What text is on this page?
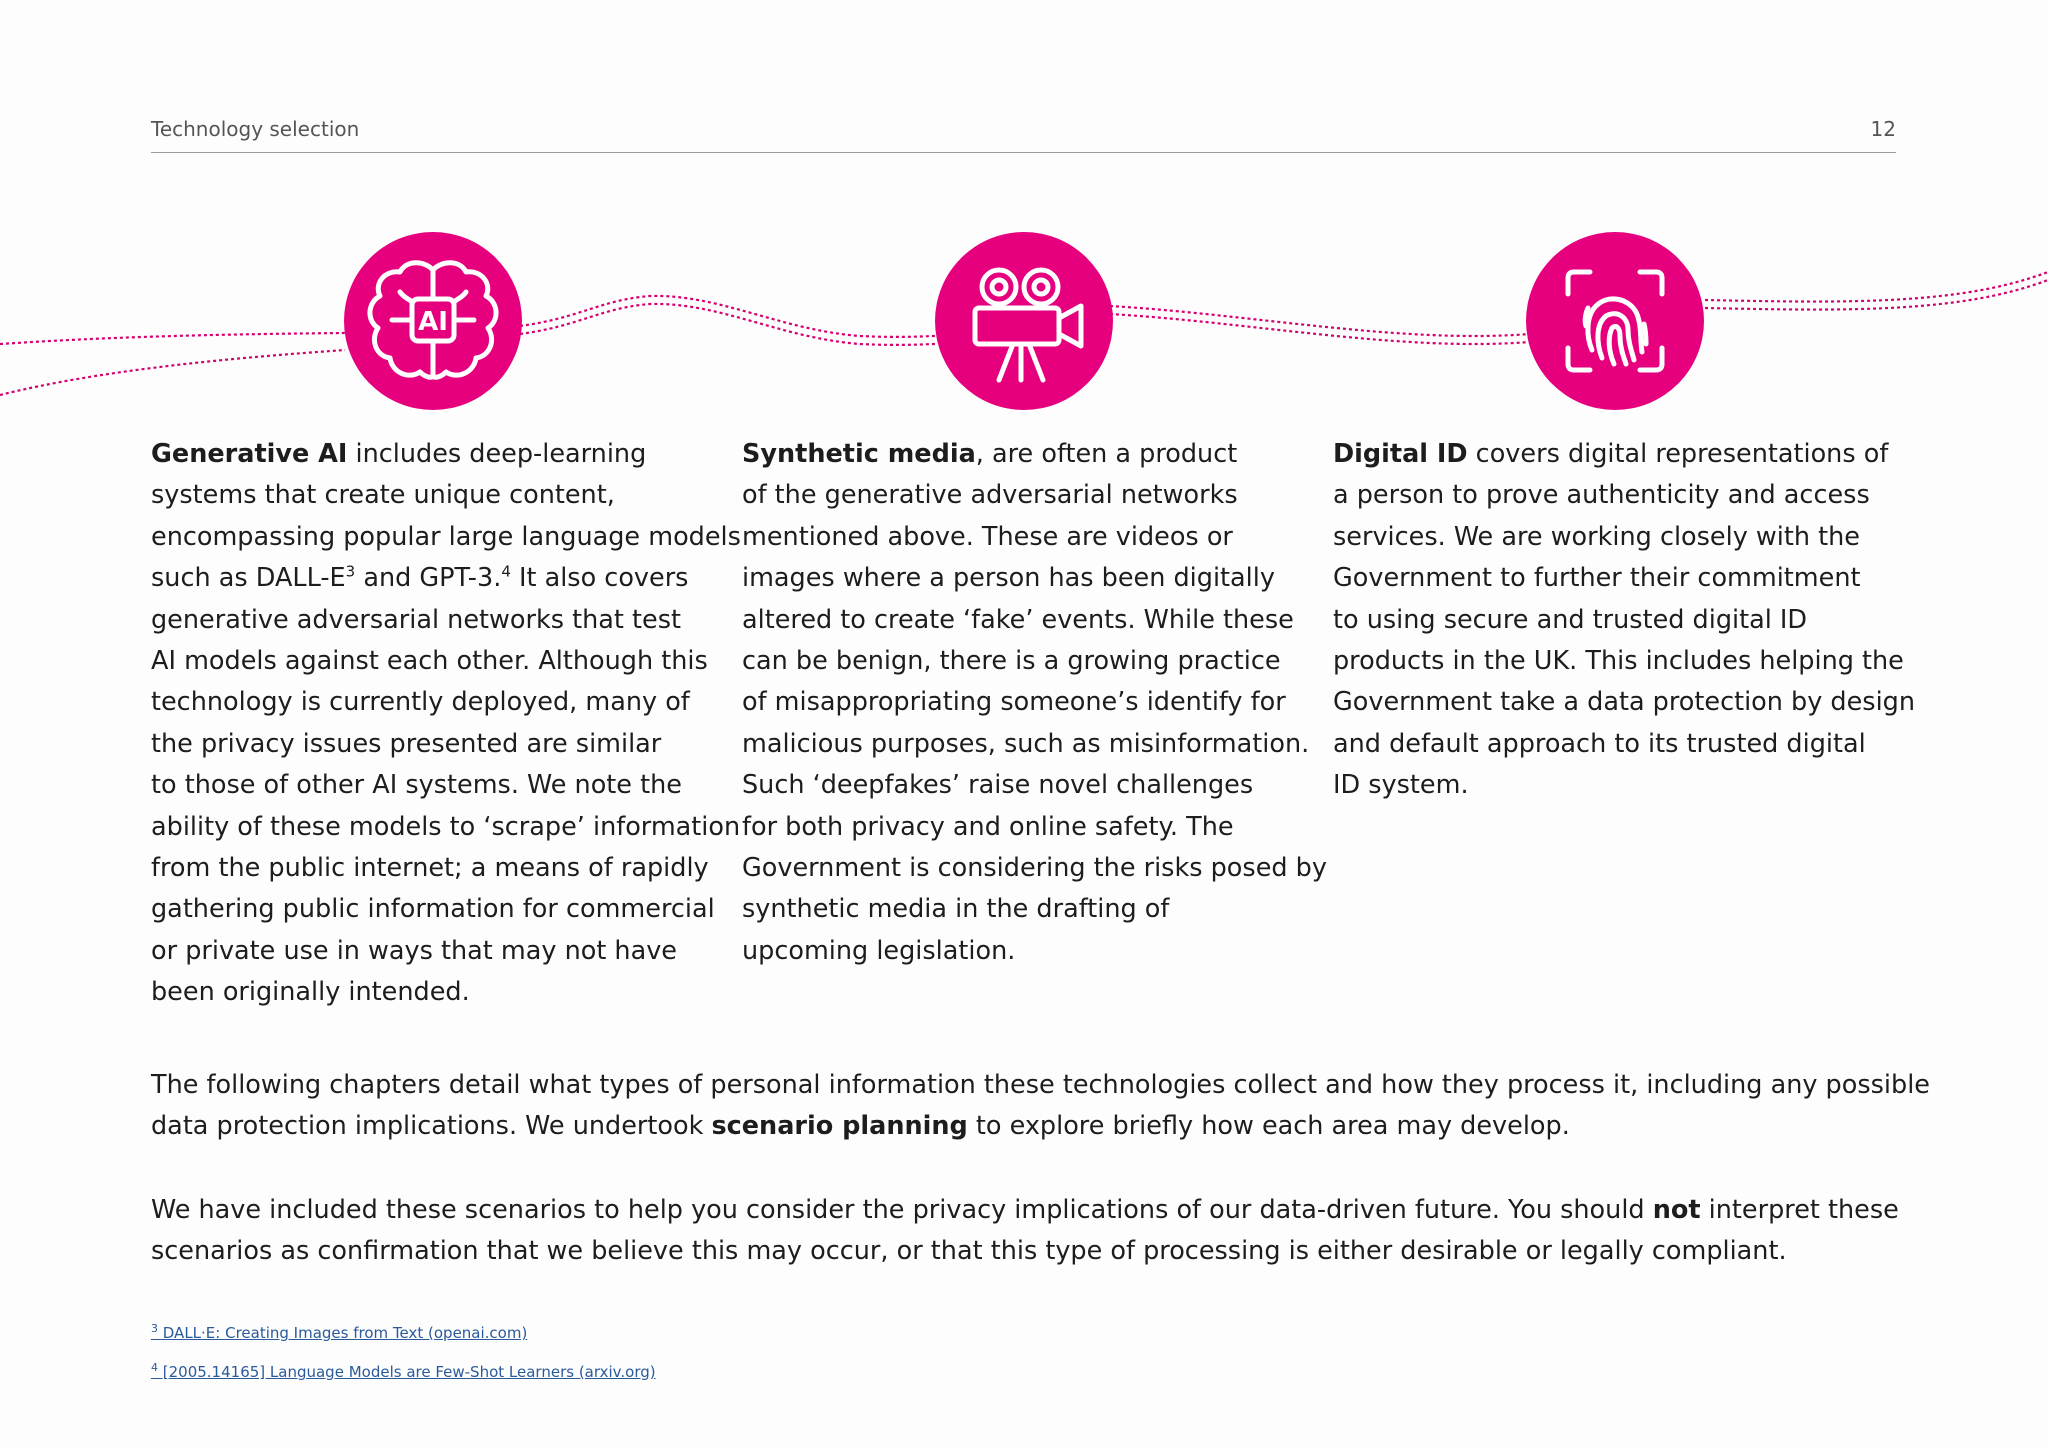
Technology selection	12
AI
Generative AI includes deep-learning
systems that create unique content,
encompassing popular large language models
such as DALL-$E^3$ and GPT-3.$^4$ It also covers
generative adversarial networks that test
AI models against each other. Although this
technology is currently deployed, many of
the privacy issues presented are similar
to those of other AI systems. We note the
ability of these models to ‘scrape’ information
from the public internet; a means of rapidly
gathering public information for commercial
or private use in ways that may not have
been originally intended.
Synthetic media, are often a product
of the generative adversarial networks
mentioned above. These are videos or
images where a person has been digitally
altered to create ‘fake’ events. While these
can be benign, there is a growing practice
of misappropriating someone’s identify for
malicious purposes, such as misinformation.
Such ‘deepfakes’ raise novel challenges
for both privacy and online safety. The
Government is considering the risks posed by
synthetic media in the drafting of
upcoming legislation.
Digital ID covers digital representations of
a person to prove authenticity and access
services. We are working closely with the
Government to further their commitment
to using secure and trusted digital ID
products in the UK. This includes helping the
Government take a data protection by design
and default approach to its trusted digital
ID system.
The following chapters detail what types of personal information these technologies collect and how they process it, including any possible
data protection implications. We undertook scenario planning to explore briefly how each area may develop.
We have included these scenarios to help you consider the privacy implications of our data-driven future. You should not interpret these
scenarios as confirmation that we believe this may occur, or that this type of processing is either desirable or legally compliant.
$^3$ DALL·E: Creating Images from Text (openai.com)
$^4$ [2005.14165] Language Models are Few-Shot Learners (arxiv.org)
